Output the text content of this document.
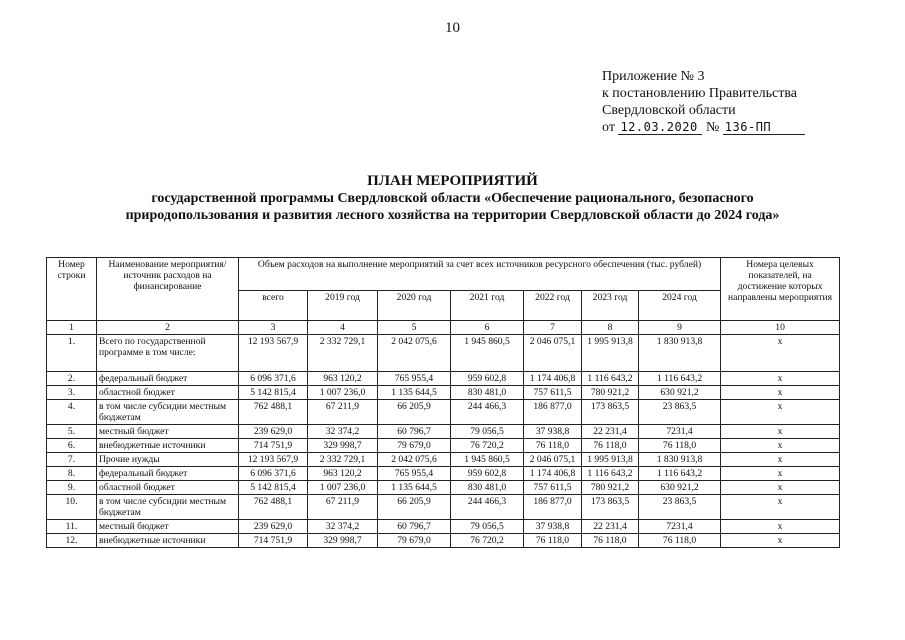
10
Приложение № 3
к постановлению Правительства
Свердловской области
от 12.03.2020 № 136-ПП
ПЛАН МЕРОПРИЯТИЙ
государственной программы Свердловской области «Обеспечение рационального, безопасного
природопользования и развития лесного хозяйства на территории Свердловской области до 2024 года»
Номер строки	Наименование мероприятия/источник расходов на финансирование	Объем расходов на выполнение мероприятий за счет всех источников ресурсного обеспечения (тыс. рублей)							Номера целевых показателей, на достижение которых направлены мероприятия
		всего	2019 год	2020 год	2021 год	2022 год	2023 год	2024 год	
1	2	3	4	5	6	7	8	9	10
1.	Всего по государственной программе в том числе:	12 193 567,9	2 332 729,1	2 042 075,6	1 945 860,5	2 046 075,1	1 995 913,8	1 830 913,8	х
2.	федеральный бюджет	6 096 371,6	963 120,2	765 955,4	959 602,8	1 174 406,8	1 116 643,2	1 116 643,2	х
3.	областной бюджет	5 142 815,4	1 007 236,0	1 135 644,5	830 481,0	757 611,5	780 921,2	630 921,2	х
4.	в том числе субсидии местным бюджетам	762 488,1	67 211,9	66 205,9	244 466,3	186 877,0	173 863,5	23 863,5	х
5.	местный бюджет	239 629,0	32 374,2	60 796,7	79 056,5	37 938,8	22 231,4	7231,4	х
6.	внебюджетные источники	714 751,9	329 998,7	79 679,0	76 720,2	76 118,0	76 118,0	76 118,0	х
7.	Прочие нужды	12 193 567,9	2 332 729,1	2 042 075,6	1 945 860,5	2 046 075,1	1 995 913,8	1 830 913,8	х
8.	федеральный бюджет	6 096 371,6	963 120,2	765 955,4	959 602,8	1 174 406,8	1 116 643,2	1 116 643,2	х
9.	областной бюджет	5 142 815,4	1 007 236,0	1 135 644,5	830 481,0	757 611,5	780 921,2	630 921,2	х
10.	в том числе субсидии местным бюджетам	762 488,1	67 211,9	66 205,9	244 466,3	186 877,0	173 863,5	23 863,5	х
11.	местный бюджет	239 629,0	32 374,2	60 796,7	79 056,5	37 938,8	22 231,4	7231,4	х
12.	внебюджетные источники	714 751,9	329 998,7	79 679,0	76 720,2	76 118,0	76 118,0	76 118,0	х
